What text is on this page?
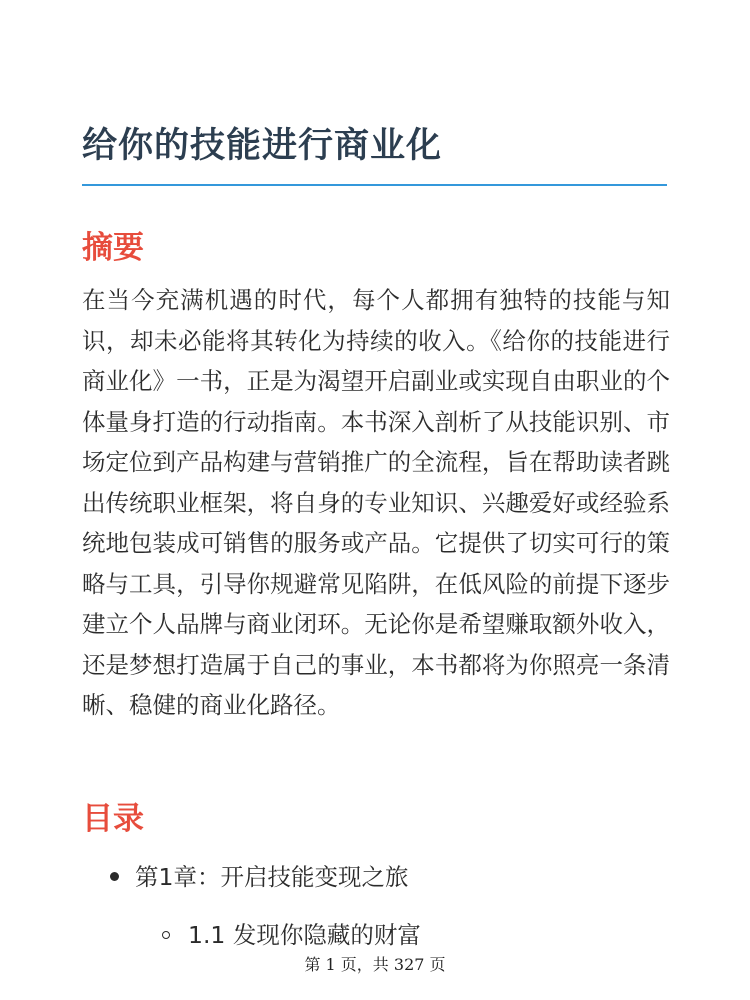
给你的技能进行商业化
摘要

在当今充满机遇的时代，每个人都拥有独特的技能与知识，却未必能将其转化为持续的收入。《给你的技能进行商业化》一书，正是为渴望开启副业或实现自由职业的个体量身打造的行动指南。本书深入剖析了从技能识别、市场定位到产品构建与营销推广的全流程，旨在帮助读者跳出传统职业框架，将自身的专业知识、兴趣爱好或经验系统地包装成可销售的服务或产品。它提供了切实可行的策略与工具，引导你规避常见陷阱，在低风险的前提下逐步建立个人品牌与商业闭环。无论你是希望赚取额外收入，还是梦想打造属于自己的事业，本书都将为你照亮一条清晰、稳健的商业化路径。

目录
第1章：开启技能变现之旅
1.1 发现你隐藏的财富
第 1 页，共 327 页
